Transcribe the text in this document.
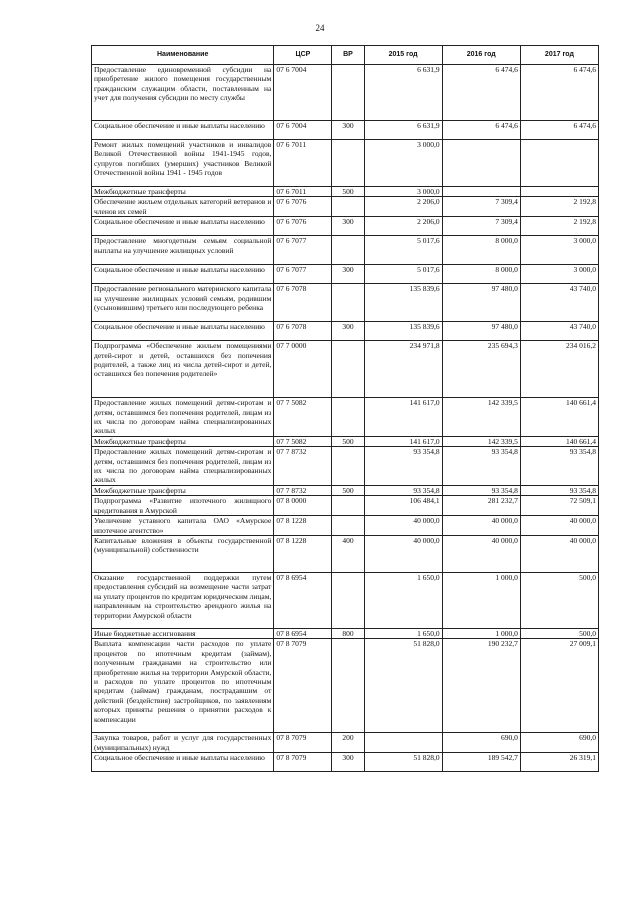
24
Наименование	ЦСР	ВР	2015 год	2016 год	2017 год
Предоставление единовременной субсидии на приобретение жилого помещения государственным гражданским служащим области, поставленным на учет для получения субсидии по месту службы	07 6 7004		6 631,9	6 474,6	6 474,6
Социальное обеспечение и иные выплаты населению	07 6 7004	300	6 631,9	6 474,6	6 474,6
Ремонт жилых помещений участников и инвалидов Великой Отечественной войны 1941-1945 годов, супругов погибших (умерших) участников Великой Отечественной войны 1941 - 1945 годов	07 6 7011		3 000,0		
Межбюджетные трансферты	07 6 7011	500	3 000,0		
Обеспечение жильем отдельных категорий ветеранов и членов их семей	07 6 7076		2 206,0	7 309,4	2 192,8
Социальное обеспечение и иные выплаты населению	07 6 7076	300	2 206,0	7 309,4	2 192,8
Предоставление многодетным семьям социальной выплаты на улучшение жилищных условий	07 6 7077		5 017,6	8 000,0	3 000,0
Социальное обеспечение и иные выплаты населению	07 6 7077	300	5 017,6	8 000,0	3 000,0
Предоставление регионального материнского капитала на улучшение жилищных условий семьям, родившим (усыновившим) третьего или последующего ребенка	07 6 7078		135 839,6	97 480,0	43 740,0
Социальное обеспечение и иные выплаты населению	07 6 7078	300	135 839,6	97 480,0	43 740,0
Подпрограмма «Обеспечение жильем помещениями детей-сирот и детей, оставшихся без попечения родителей, а также лиц из числа детей-сирот и детей, оставшихся без попечения родителей»	07 7 0000		234 971,8	235 694,3	234 016,2
Предоставление жилых помещений детям-сиротам и детям, оставшимся без попечения родителей, лицам из их числа по договорам найма специализированных жилых	07 7 5082		141 617,0	142 339,5	140 661,4
Межбюджетные трансферты	07 7 5082	500	141 617,0	142 339,5	140 661,4
Предоставление жилых помещений детям-сиротам и детям, оставшимся без попечения родителей, лицам из их числа по договорам найма специализированных жилых	07 7 8732		93 354,8	93 354,8	93 354,8
Межбюджетные трансферты	07 7 8732	500	93 354,8	93 354,8	93 354,8
Подпрограмма «Развитие ипотечного жилищного кредитования в Амурской	07 8 0000		106 484,1	281 232,7	72 509,1
Увеличение уставного капитала ОАО «Амурское ипотечное агентство»	07 8 1228		40 000,0	40 000,0	40 000,0
Капитальные вложения в объекты государственной (муниципальной) собственности	07 8 1228	400	40 000,0	40 000,0	40 000,0
Оказание государственной поддержки путем предоставления субсидий на возмещение части затрат на уплату процентов по кредитам юридическим лицам, направленным на строительство арендного жилья на территории Амурской области	07 8 6954		1 650,0	1 000,0	500,0
Иные бюджетные ассигнования	07 8 6954	800	1 650,0	1 000,0	500,0
Выплата компенсации части расходов по уплате процентов по ипотечным кредитам (займам), полученным гражданами на строительство или приобретение жилья на территории Амурской области, и расходов по уплате процентов по ипотечным кредитам (займам) гражданам, пострадавшим от действий (бездействия) застройщиков, по заявлениям которых приняты решения о принятии расходов к компенсации	07 8 7079		51 828,0	190 232,7	27 009,1
Закупка товаров, работ и услуг для государственных (муниципальных) нужд	07 8 7079	200		690,0	690,0
Социальное обеспечение и иные выплаты населению	07 8 7079	300	51 828,0	189 542,7	26 319,1
